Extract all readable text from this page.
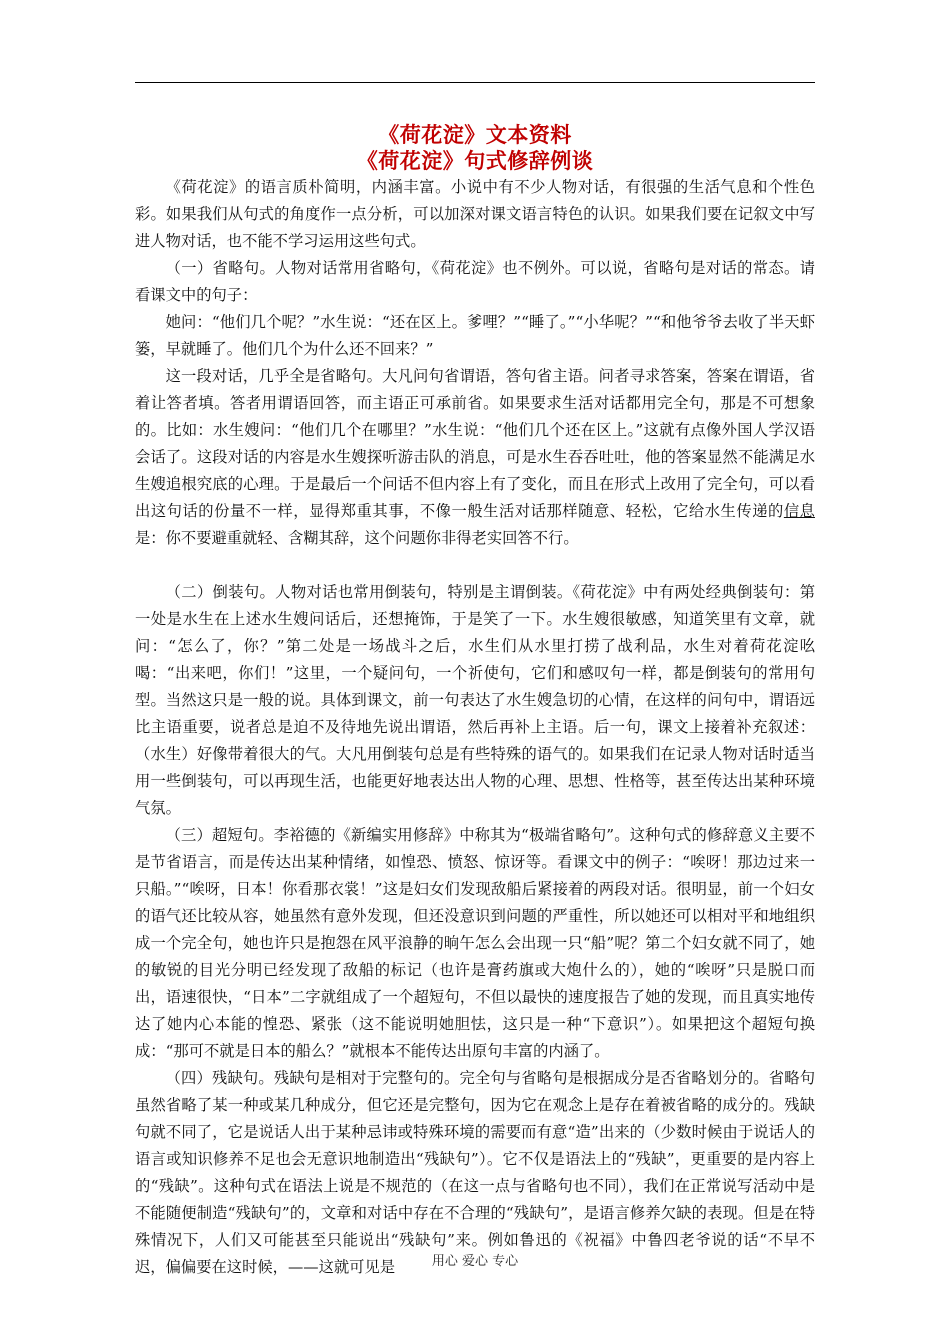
《荷花淀》文本资料
《荷花淀》句式修辞例谈

《荷花淀》的语言质朴简明，内涵丰富。小说中有不少人物对话，有很强的生活气息和个性色彩。如果我们从句式的角度作一点分析，可以加深对课文语言特色的认识。如果我们要在记叙文中写进人物对话，也不能不学习运用这些句式。

（一）省略句。人物对话常用省略句，《荷花淀》也不例外。可以说，省略句是对话的常态。请看课文中的句子：

她问：“他们几个呢？”水生说：“还在区上。爹哩？”“睡了。”“小华呢？”“和他爷爷去收了半天虾篓，早就睡了。他们几个为什么还不回来？”

这一段对话，几乎全是省略句。大凡问句省谓语，答句省主语。问者寻求答案，答案在谓语，省着让答者填。答者用谓语回答，而主语正可承前省。如果要求生活对话都用完全句，那是不可想象的。比如：水生嫂问：“他们几个在哪里？”水生说：“他们几个还在区上。”这就有点像外国人学汉语会话了。这段对话的内容是水生嫂探听游击队的消息，可是水生吞吞吐吐，他的答案显然不能满足水生嫂追根究底的心理。于是最后一个问话不但内容上有了变化，而且在形式上改用了完全句，可以看出这句话的份量不一样，显得郑重其事，不像一般生活对话那样随意、轻松，它给水生传递的信息是：你不要避重就轻、含糊其辞，这个问题你非得老实回答不行。

（二）倒装句。人物对话也常用倒装句，特别是主谓倒装。《荷花淀》中有两处经典倒装句：第一处是水生在上述水生嫂问话后，还想掩饰，于是笑了一下。水生嫂很敏感，知道笑里有文章，就问：“怎么了，你？”第二处是一场战斗之后，水生们从水里打捞了战利品，水生对着荷花淀吆喝：“出来吧，你们！”这里，一个疑问句，一个祈使句，它们和感叹句一样，都是倒装句的常用句型。当然这只是一般的说。具体到课文，前一句表达了水生嫂急切的心情，在这样的问句中，谓语远比主语重要，说者总是迫不及待地先说出谓语，然后再补上主语。后一句，课文上接着补充叙述：（水生）好像带着很大的气。大凡用倒装句总是有些特殊的语气的。如果我们在记录人物对话时适当用一些倒装句，可以再现生活，也能更好地表达出人物的心理、思想、性格等，甚至传达出某种环境气氛。

（三）超短句。李裕德的《新编实用修辞》中称其为“极端省略句”。这种句式的修辞意义主要不是节省语言，而是传达出某种情绪，如惶恐、愤怒、惊讶等。看课文中的例子：“唉呀！那边过来一只船。”“唉呀，日本！你看那衣裳！”这是妇女们发现敌船后紧接着的两段对话。很明显，前一个妇女的语气还比较从容，她虽然有意外发现，但还没意识到问题的严重性，所以她还可以相对平和地组织成一个完全句，她也许只是抱怨在风平浪静的晌午怎么会出现一只“船”呢？第二个妇女就不同了，她的敏锐的目光分明已经发现了敌船的标记（也许是膏药旗或大炮什么的），她的“唉呀”只是脱口而出，语速很快，“日本”二字就组成了一个超短句，不但以最快的速度报告了她的发现，而且真实地传达了她内心本能的惶恐、紧张（这不能说明她胆怯，这只是一种“下意识”）。如果把这个超短句换成：“那可不就是日本的船么？”就根本不能传达出原句丰富的内涵了。

（四）残缺句。残缺句是相对于完整句的。完全句与省略句是根据成分是否省略划分的。省略句虽然省略了某一种或某几种成分，但它还是完整句，因为它在观念上是存在着被省略的成分的。残缺句就不同了，它是说话人出于某种忌讳或特殊环境的需要而有意“造”出来的（少数时候由于说话人的语言或知识修养不足也会无意识地制造出“残缺句”）。它不仅是语法上的“残缺”，更重要的是内容上的“残缺”。这种句式在语法上说是不规范的（在这一点与省略句也不同），我们在正常说写活动中是不能随便制造“残缺句”的，文章和对话中存在不合理的“残缺句”，是语言修养欠缺的表现。但是在特殊情况下，人们又可能甚至只能说出“残缺句”来。例如鲁迅的《祝福》中鲁四老爷说的话“不早不迟，偏偏要在这时候，——这就可见是	用心 爱心 专心
